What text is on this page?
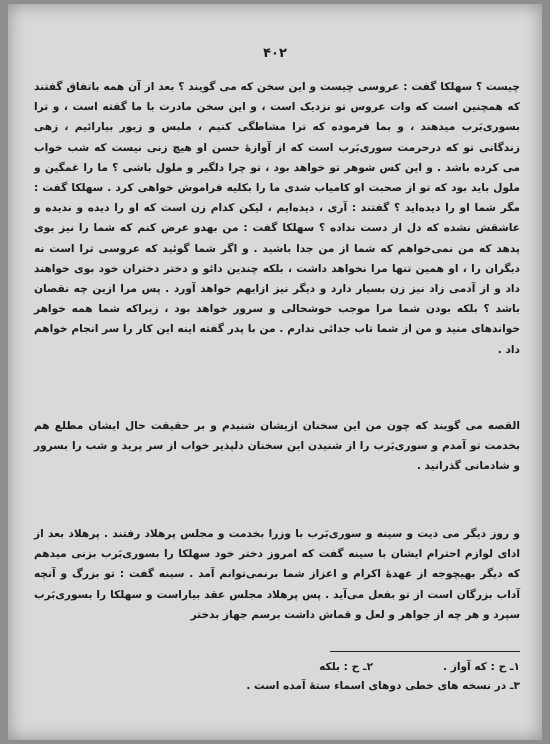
۴۰۲

چیست ؟ سهلکا گفت : عروسی چیست و این سخن که می گویند ؟ بعد از آن همه باتفاق گفتند که همچنین است که وات عروس تو نزدیک است ، و این سخن مادرت با ما گفته است ، و ترا بسوری‌بَرب میدهند ، و بما فرموده که ترا مشاطگی کنیم ، ملبس و زیور بیارائیم ، زهی زندگانی تو که در‌حرمت سوری‌بَرب است که از آوازهٔ حسن او هیچ زنی نیست که شب خواب می کرده باشد . و این کس شوهر تو خواهد بود ، تو چرا دلگیر و ملول باشی ؟ ما را غمگین و ملول باید بود که تو از صحبت او کامیاب شدی ما را بکلیه فراموش خواهی کرد . سهلکا گفت : مگر شما او را دیده‌اید ؟ گفتند : آری ، دیده‌ایم ، لیکن کدام زن است که او را دیده و ندیده و عاشقش نشده که دل از دست نداده ؟ سهلکا گفت : من بهدو عرض کنم که شما را نیز بوی پدهد که من نمی‌خواهم که شما از من جدا باشید . و اگر شما گوئید که عروسی ترا است نه دیگران را ، او همین تنها مرا نخواهد داشت ، بلکه چندین دائو و دختر دختران خود بوی خواهند داد و از آدمی زاد نیز زن بسیار دارد و دیگر نیز ازایهم خواهد آورد . پس مرا ازین چه نقصان باشد ؟ بلکه بودن شما مرا موجب خوشحالی و سرور خواهد بود ، زیراکه شما همه خواهر خواندهای منید و من از شما تاب جدائی ندارم . من با پدر گفته اینه این کار را سر انجام خواهم داد .

القصه می گویند که چون من این سخنان ازیشان شنیدم و بر حقیقت حال ایشان مطلع هم بخدمت تو آمدم و سوری‌بَرب را از شنیدن این سخنان دلپذیر خواب از سر پرید و شب را بسرور و شادمانی گذرانید .

و روز دیگر می دیت و سینه و سوری‌بَرب با وزرا بخدمت و مجلس پرهلاد رفتند . پرهلاد بعد از ادای لوازم احترام ایشان با سینه گفت که امروز دختر خود سهلکا را بسوری‌بَرب بزنی میدهم که دیگر بهیچوجه از عهدهٔ اکرام و اعزاز شما برنمی‌توانم آمد . سینه گفت : تو بزرگ و آنچه آداب بزرگان است از تو بفعل می‌آید . پس پرهلاد مجلس عقد بیاراست و سهلکا را بسوری‌بَرب سپرد و هر چه از جواهر و لعل و قماش داشت برسم جهاز بدختر

۱ـ ح : که آواز .
۲ـ ح : بلکه
۳ـ در نسخه های خطی دوهای اسماء ستهٔ آمده است .
